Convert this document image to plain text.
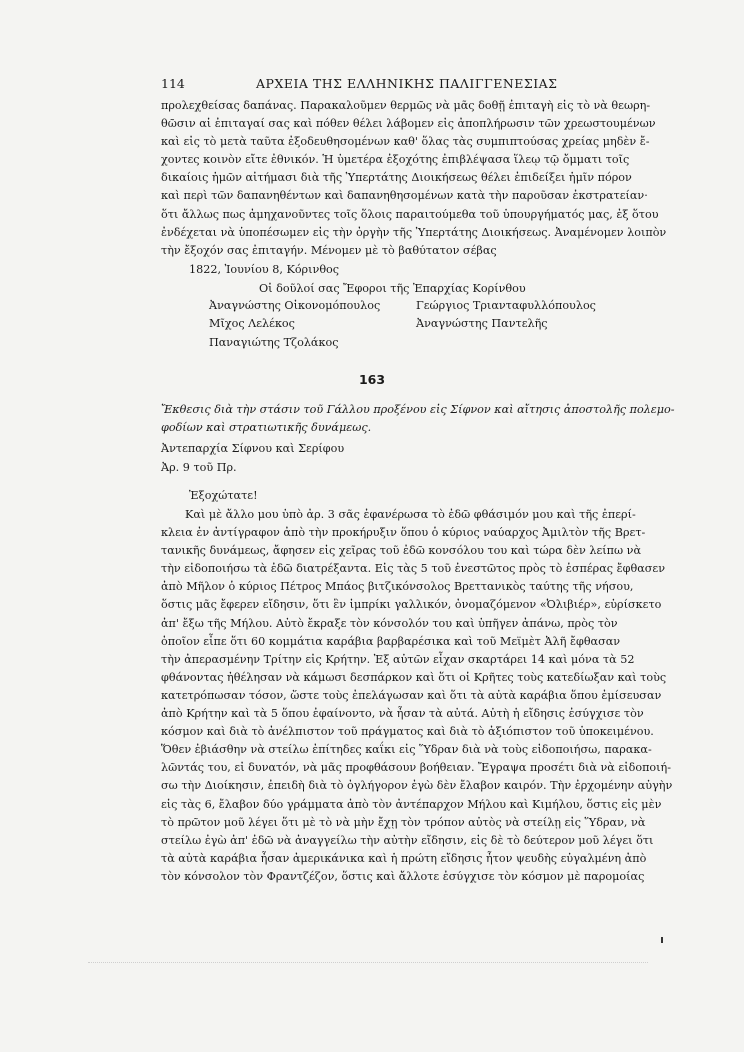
114	ΑΡΧΕΙΑ ΤΗΣ ΕΛΛΗΝΙΚΗΣ ΠΑΛΙΓΓΕΝΕΣΙΑΣ
προλεχθείσας δαπάνας. Παρακαλοῦμεν θερμῶς νὰ μᾶς δοθῇ ἐπιταγὴ εἰς τὸ νὰ θεωρη-
θῶσιν αἱ ἐπιταγαί σας καὶ πόθεν θέλει λάβομεν εἰς ἀποπλήρωσιν τῶν χρεωστουμένων
καὶ εἰς τὸ μετὰ ταῦτα ἐξοδευθησομένων καθ' ὅλας τὰς συμπιπτούσας χρείας μηδὲν ἔ-
χοντες κοινὸν εἴτε ἐθνικόν. Ἡ ὑμετέρα ἐξοχότης ἐπιβλέψασα ἵλεῳ τῷ ὄμματι τοῖς
δικαίοις ἡμῶν αἰτήμασι διὰ τῆς Ὑπερτάτης Διοικήσεως θέλει ἐπιδείξει ἡμῖν πόρον
καὶ περὶ τῶν δαπανηθέντων καὶ δαπανηθησομένων κατὰ τὴν παροῦσαν ἐκστρατείαν·
ὅτι ἄλλως πως ἀμηχανοῦντες τοῖς ὅλοις παραιτούμεθα τοῦ ὑπουργήματός μας, ἐξ ὅτου
ἐνδέχεται νὰ ὑποπέσωμεν εἰς τὴν ὀργὴν τῆς Ὑπερτάτης Διοικήσεως. Ἀναμένομεν λοιπὸν
τὴν ἔξοχόν σας ἐπιταγήν. Μένομεν μὲ τὸ βαθύτατον σέβας
1822, Ἰουνίου 8, Κόρινθος
Οἱ δοῦλοί σας Ἔφοροι τῆς Ἐπαρχίας Κορίνθου
Ἀναγνώστης Οἰκονομόπουλος
Μῖχος Λελέκος
Παναγιώτης Τζολάκος
Γεώργιος Τριανταφυλλόπουλος
Ἀναγνώστης Παντελῆς
163
Ἔκθεσις διὰ τὴν στάσιν τοῦ Γάλλου προξένου εἰς Σίφνον καὶ αἴτησις ἀποστολῆς πολεμο-
φοδίων καὶ στρατιωτικῆς δυνάμεως.
Ἀντεπαρχία Σίφνου καὶ Σερίφου
Ἀρ. 9 τοῦ Πρ.
Ἐξοχώτατε!
Καὶ μὲ ἄλλο μου ὑπὸ ἀρ. 3 σᾶς ἐφανέρωσα τὸ ἐδῶ φθάσιμόν μου καὶ τῆς ἐπερί-
κλεια ἐν ἀντίγραφον ἀπὸ τὴν προκήρυξιν ὅπου ὁ κύριος ναύαρχος Ἀμιλτὸν τῆς Βρετ-
τανικῆς δυνάμεως, ἄφησεν εἰς χεῖρας τοῦ ἐδῶ κονσόλου του καὶ τώρα δὲν λείπω νὰ
τὴν εἰδοποιήσω τὰ ἐδῶ διατρέξαντα. Εἰς τὰς 5 τοῦ ἐνεστῶτος πρὸς τὸ ἑσπέρας ἔφθασεν
ἀπὸ Μῆλον ὁ κύριος Πέτρος Μπάος βιτζικόνσολος Βρεττανικὸς ταύτης τῆς νήσου,
ὅστις μᾶς ἔφερεν εἴδησιν, ὅτι ἓν ἰμπρίκι γαλλικόν, ὀνομαζόμενον «Ὀλιβιέρ», εὑρίσκετο
ἀπ' ἔξω τῆς Μήλου. Αὐτὸ ἔκραξε τὸν κόνσολόν του καὶ ὑπῆγεν ἀπάνω, πρὸς τὸν
ὁποῖον εἶπε ὅτι 60 κομμάτια καράβια βαρβαρέσικα καὶ τοῦ Μεϊμὲτ Ἀλῆ ἔφθασαν
τὴν ἀπερασμένην Τρίτην εἰς Κρήτην. Ἐξ αὐτῶν εἶχαν σκαρτάρει 14 καὶ μόνα τὰ 52
φθάνοντας ἠθέλησαν νὰ κάμωσι δεσπάρκον καὶ ὅτι οἱ Κρῆτες τοὺς κατεδίωξαν καὶ τοὺς
κατετρόπωσαν τόσον, ὥστε τοὺς ἐπελάγωσαν καὶ ὅτι τὰ αὐτὰ καράβια ὅπου ἐμίσευσαν
ἀπὸ Κρήτην καὶ τὰ 5 ὅπου ἐφαίνοντο, νὰ ἦσαν τὰ αὐτά. Αὐτὴ ἡ εἴδησις ἐσύγχισε τὸν
κόσμον καὶ διὰ τὸ ἀνέλπιστον τοῦ πράγματος καὶ διὰ τὸ ἀξιόπιστον τοῦ ὑποκειμένου.
Ὅθεν ἐβιάσθην νὰ στείλω ἐπίτηδες καΐκι εἰς Ὕδραν διὰ νὰ τοὺς εἰδοποιήσω, παρακα-
λῶντάς του, εἰ δυνατόν, νὰ μᾶς προφθάσουν βοήθειαν. Ἔγραψα προσέτι διὰ νὰ εἰδοποιή-
σω τὴν Διοίκησιν, ἐπειδὴ διὰ τὸ ὀγλήγορον ἐγὼ δὲν ἔλαβον καιρόν. Τὴν ἐρχομένην αὐγὴν
εἰς τὰς 6, ἔλαβον δύο γράμματα ἀπὸ τὸν ἀντέπαρχον Μήλου καὶ Κιμήλου, ὅστις εἰς μὲν
τὸ πρῶτον μοῦ λέγει ὅτι μὲ τὸ νὰ μὴν ἔχῃ τὸν τρόπον αὐτὸς νὰ στείλῃ εἰς Ὕδραν, νὰ
στείλω ἐγὼ ἀπ' ἐδῶ νὰ ἀναγγείλω τὴν αὐτὴν εἴδησιν, εἰς δὲ τὸ δεύτερον μοῦ λέγει ὅτι
τὰ αὐτὰ καράβια ἦσαν ἀμερικάνικα καὶ ἡ πρώτη εἴδησις ἦτον ψευδὴς εὐγαλμένη ἀπὸ
τὸν κόνσολον τὸν Φραντζέζον, ὅστις καὶ ἄλλοτε ἐσύγχισε τὸν κόσμον μὲ παρομοίας
